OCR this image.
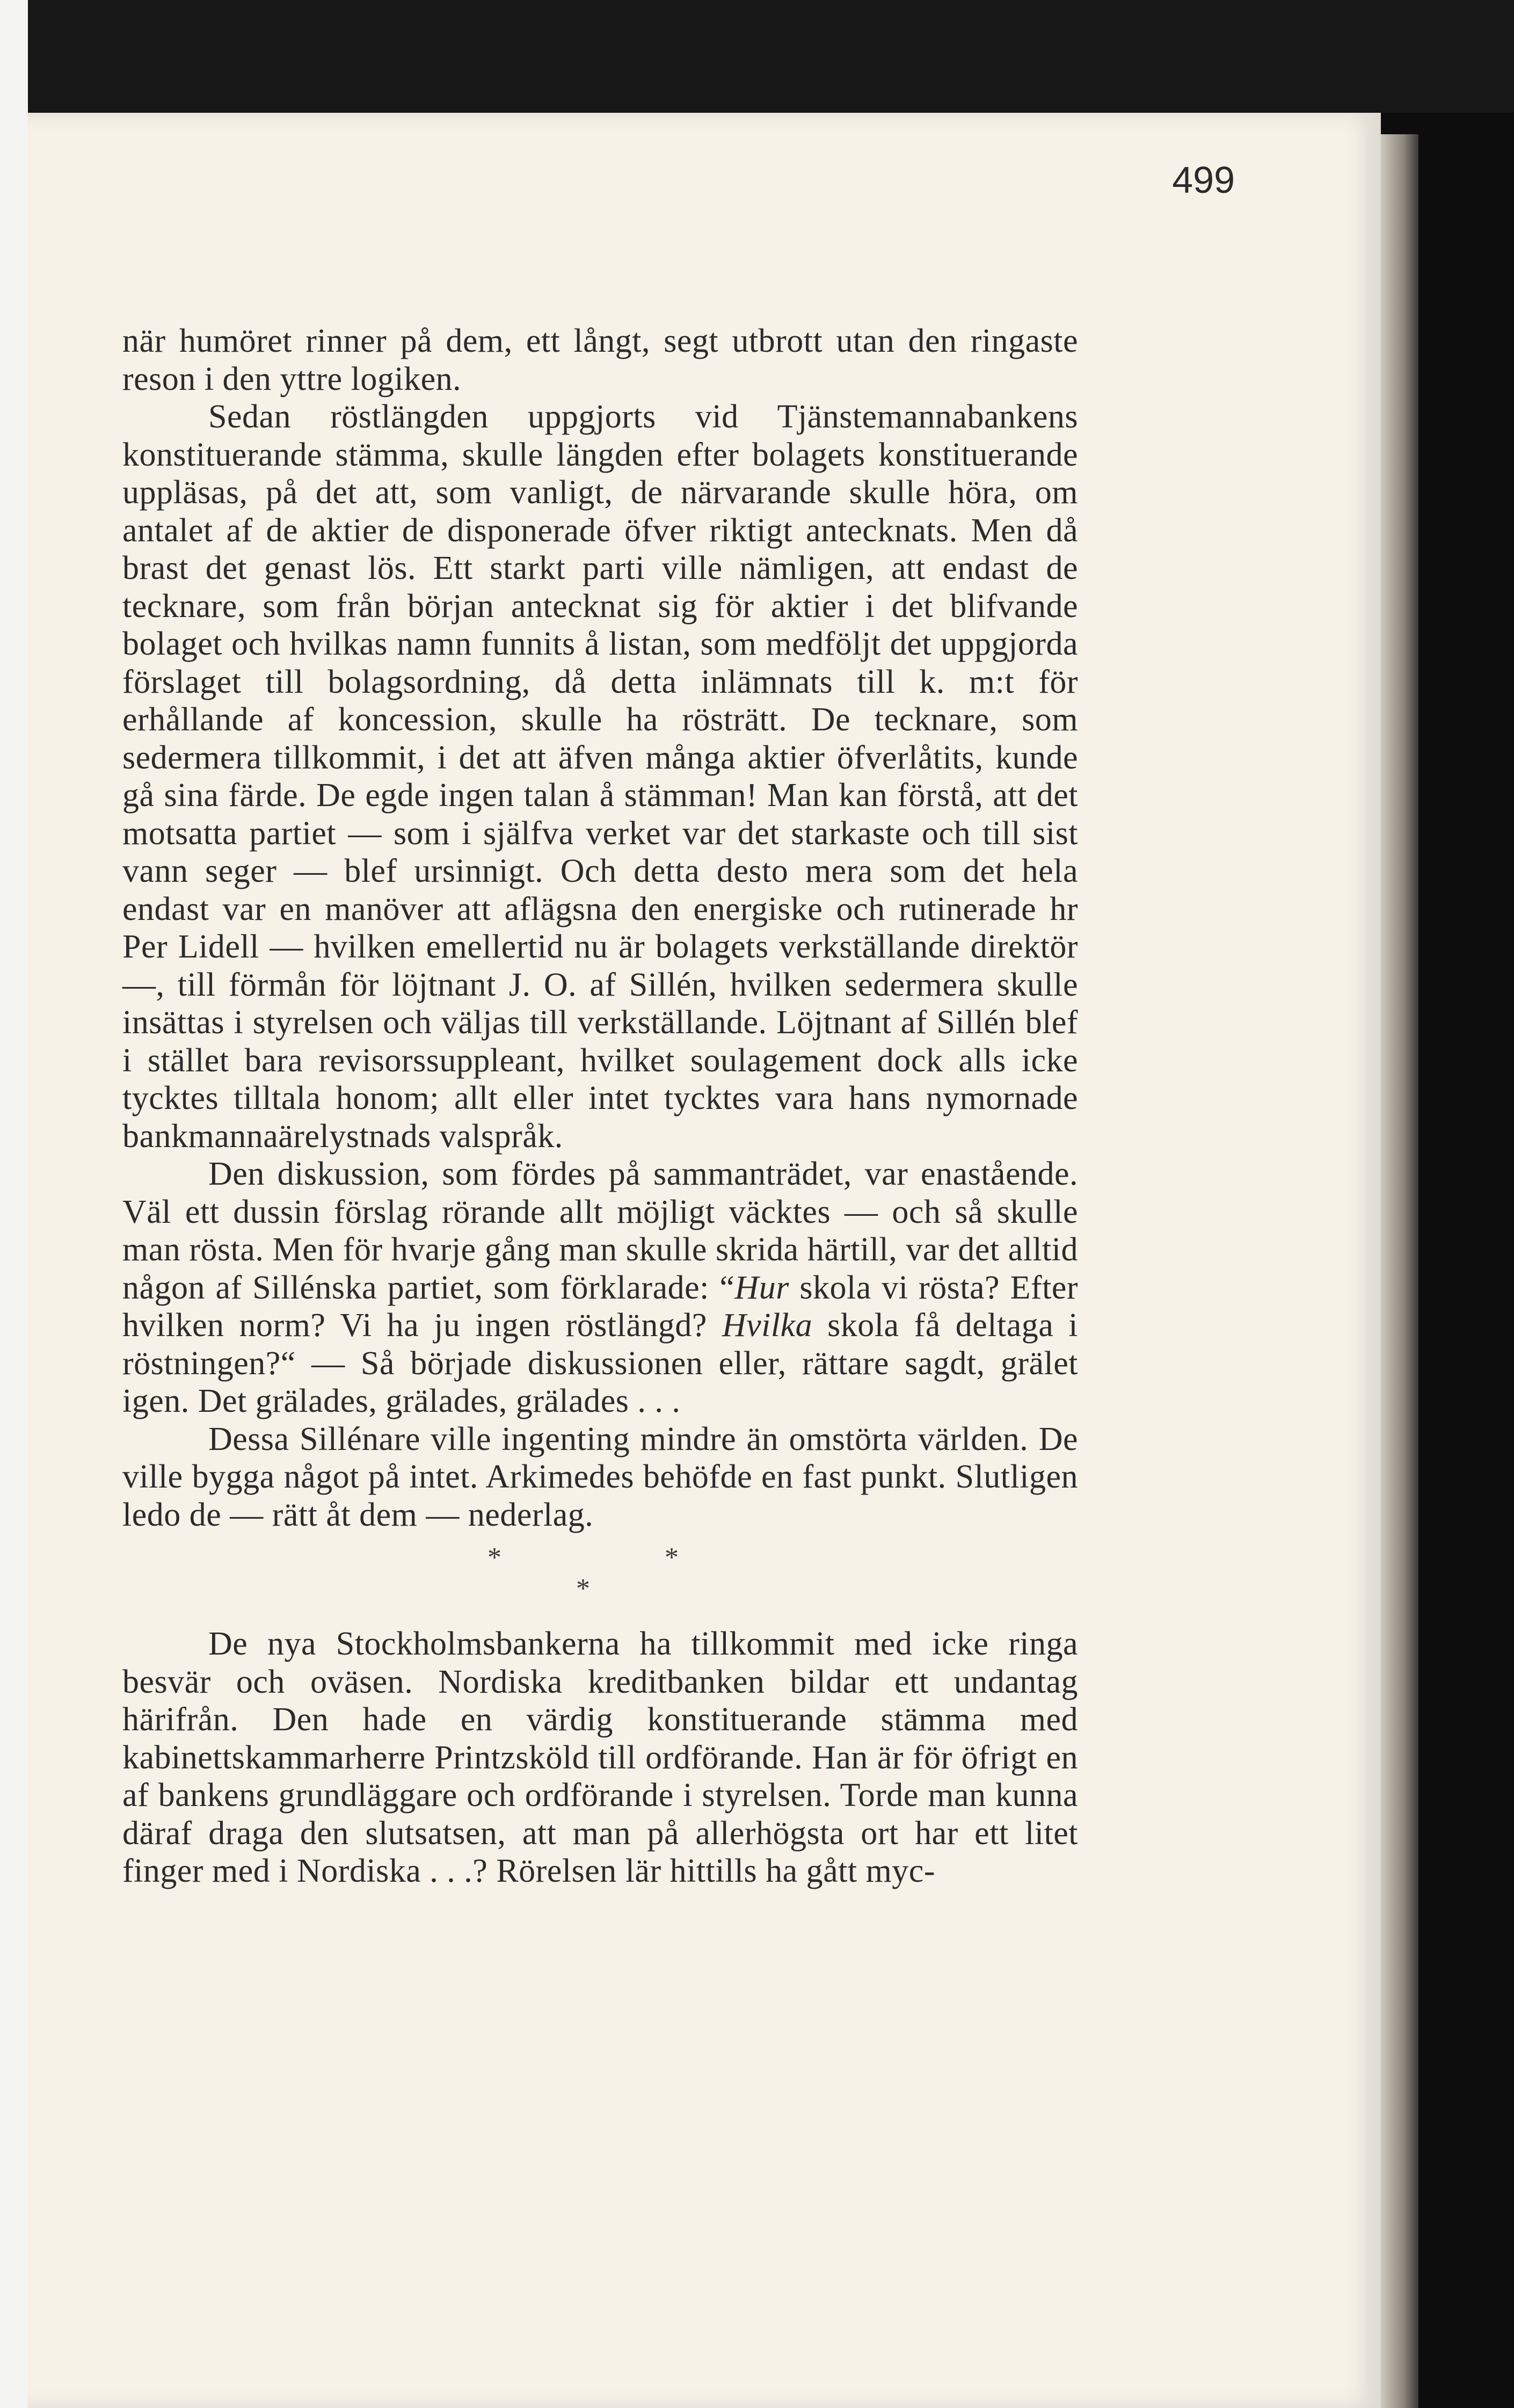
499

när humöret rinner på dem, ett långt, segt utbrott utan den ringaste reson i den yttre logiken.

Sedan röstlängden uppgjorts vid Tjänstemannabankens konstituerande stämma, skulle längden efter bolagets konstituerande uppläsas, på det att, som vanligt, de närvarande skulle höra, om antalet af de aktier de disponerade öfver riktigt antecknats. Men då brast det genast lös. Ett starkt parti ville nämligen, att endast de tecknare, som från början antecknat sig för aktier i det blifvande bolaget och hvilkas namn funnits å listan, som medföljt det uppgjorda förslaget till bolagsordning, då detta inlämnats till k. m:t för erhållande af koncession, skulle ha rösträtt. De tecknare, som sedermera tillkommit, i det att äfven många aktier öfverlåtits, kunde gå sina färde. De egde ingen talan å stämman! Man kan förstå, att det motsatta partiet — som i själfva verket var det starkaste och till sist vann seger — blef ursinnigt. Och detta desto mera som det hela endast var en manöver att aflägsna den energiske och rutinerade hr Per Lidell — hvilken emellertid nu är bolagets verkställande direktör —, till förmån för löjtnant J. O. af Sillén, hvilken sedermera skulle insättas i styrelsen och väljas till verkställande. Löjtnant af Sillén blef i stället bara revisorssuppleant, hvilket soulagement dock alls icke tycktes tilltala honom; allt eller intet tycktes vara hans nymornade bankmannaärelystnads valspråk.

Den diskussion, som fördes på sammanträdet, var enastående. Väl ett dussin förslag rörande allt möjligt väcktes — och så skulle man rösta. Men för hvarje gång man skulle skrida härtill, var det alltid någon af Sillénska partiet, som förklarade: “Hur skola vi rösta? Efter hvilken norm? Vi ha ju ingen röstlängd? Hvilka skola få deltaga i röstningen?“ — Så började diskussionen eller, rättare sagdt, grälet igen. Det grälades, grälades, grälades . . .

Dessa Sillénare ville ingenting mindre än omstörta världen. De ville bygga något på intet. Arkimedes behöfde en fast punkt. Slutligen ledo de — rätt åt dem — nederlag.

*	*
*

De nya Stockholmsbankerna ha tillkommit med icke ringa besvär och oväsen. Nordiska kreditbanken bildar ett undantag härifrån. Den hade en värdig konstituerande stämma med kabinettskammarherre Printzsköld till ordförande. Han är för öfrigt en af bankens grundläggare och ordförande i styrelsen. Torde man kunna däraf draga den slutsatsen, att man på allerhögsta ort har ett litet finger med i Nordiska . . .? Rörelsen lär hittills ha gått myc-
